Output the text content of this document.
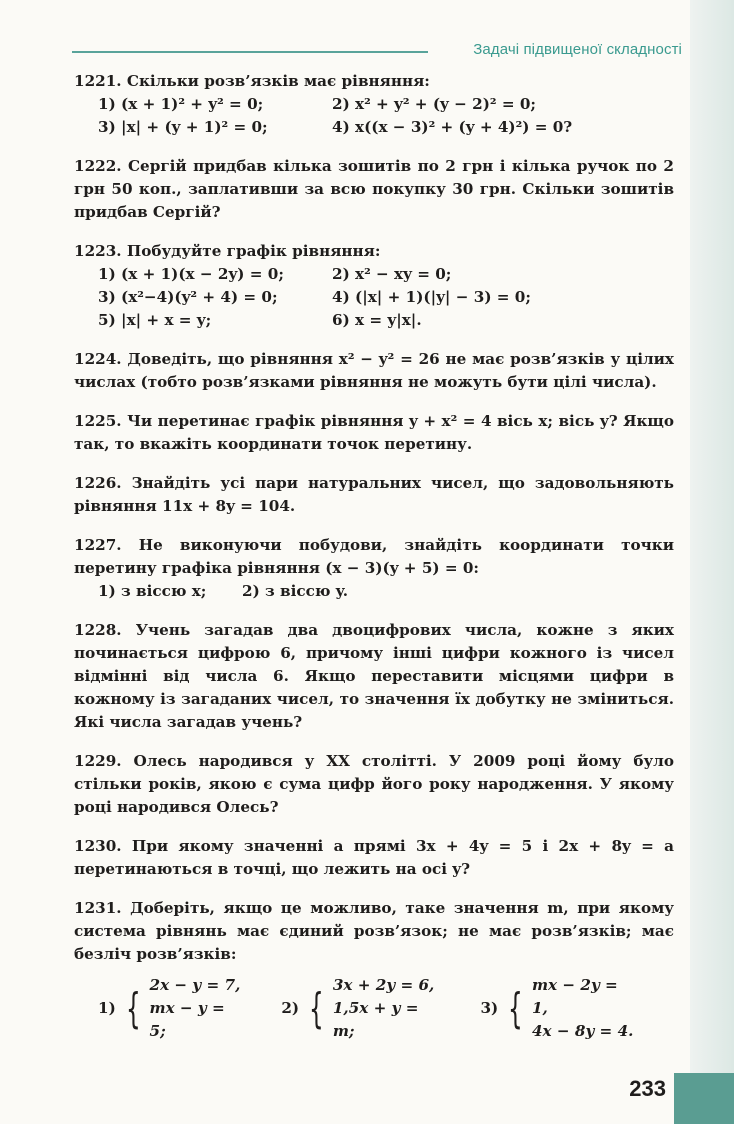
Задачі підвищеної складності

1221. Скільки розв’язків має рівняння:

1) (x + 1)² + y² = 0;	2) x² + y² + (y − 2)² = 0;
3) |x| + (y + 1)² = 0;	4) x((x − 3)² + (y + 4)²) = 0?

1222. Сергій придбав кілька зошитів по 2 грн і кілька ручок по 2 грн 50 коп., заплативши за всю покупку 30 грн. Скільки зошитів придбав Сергій?

1223. Побудуйте графік рівняння:

1) (x + 1)(x − 2y) = 0;	2) x² − xy = 0;
3) (x²−4)(y² + 4) = 0;	4) (|x| + 1)(|y| − 3) = 0;
5) |x| + x = y;	6) x = y|x|.

1224. Доведіть, що рівняння x² − y² = 26 не має розв’язків у цілих числах (тобто розв’язками рівняння не можуть бути цілі числа).

1225. Чи перетинає графік рівняння y + x² = 4 вісь x; вісь y? Якщо так, то вкажіть координати точок перетину.

1226. Знайдіть усі пари натуральних чисел, що задовольняють рівняння 11x + 8y = 104.

1227. Не виконуючи побудови, знайдіть координати точки перетину графіка рівняння (x − 3)(y + 5) = 0:

1) з віссю x;	2) з віссю y.

1228. Учень загадав два двоцифрових числа, кожне з яких починається цифрою 6, причому інші цифри кожного із чисел відмінні від числа 6. Якщо переставити місцями цифри в кожному із загаданих чисел, то значення їх добутку не зміниться. Які числа загадав учень?

1229. Олесь народився у XX столітті. У 2009 році йому було стільки років, якою є сума цифр його року народження. У якому році народився Олесь?

1230. При якому значенні a прямі 3x + 4y = 5 і 2x + 8y = a перетинаються в точці, що лежить на осі y?

1231. Доберіть, якщо це можливо, таке значення m, при якому система рівнянь має єдиний розв’язок; не має розв’язків; має безліч розв’язків:

1) { 2x − y = 7,
mx − y = 5;
2) { 3x + 2y = 6,
1,5x + y = m;
3) { mx − 2y = 1,
4x − 8y = 4.
233
